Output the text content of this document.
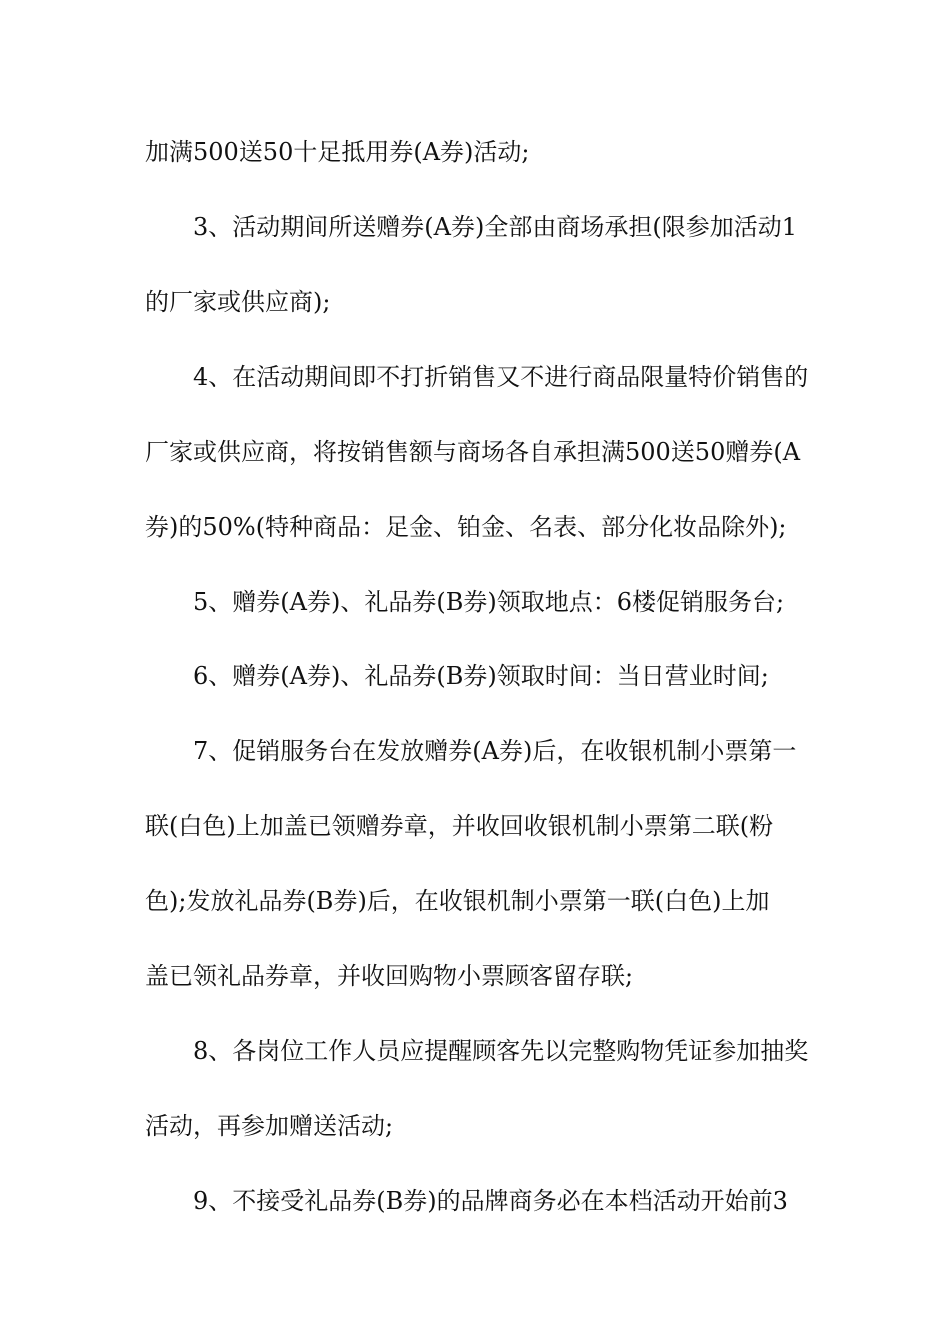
加满500送50十足抵用券(A券)活动;
3、活动期间所送赠券(A券)全部由商场承担(限参加活动1
的厂家或供应商);
4、在活动期间即不打折销售又不进行商品限量特价销售的
厂家或供应商，将按销售额与商场各自承担满500送50赠券(A
券)的50%(特种商品：足金、铂金、名表、部分化妆品除外);
5、赠券(A券)、礼品券(B券)领取地点：6楼促销服务台;
6、赠券(A券)、礼品券(B券)领取时间：当日营业时间;
7、促销服务台在发放赠券(A券)后，在收银机制小票第一
联(白色)上加盖已领赠券章，并收回收银机制小票第二联(粉
色);发放礼品券(B券)后，在收银机制小票第一联(白色)上加
盖已领礼品券章，并收回购物小票顾客留存联;
8、各岗位工作人员应提醒顾客先以完整购物凭证参加抽奖
活动，再参加赠送活动;
9、不接受礼品券(B券)的品牌商务必在本档活动开始前3
